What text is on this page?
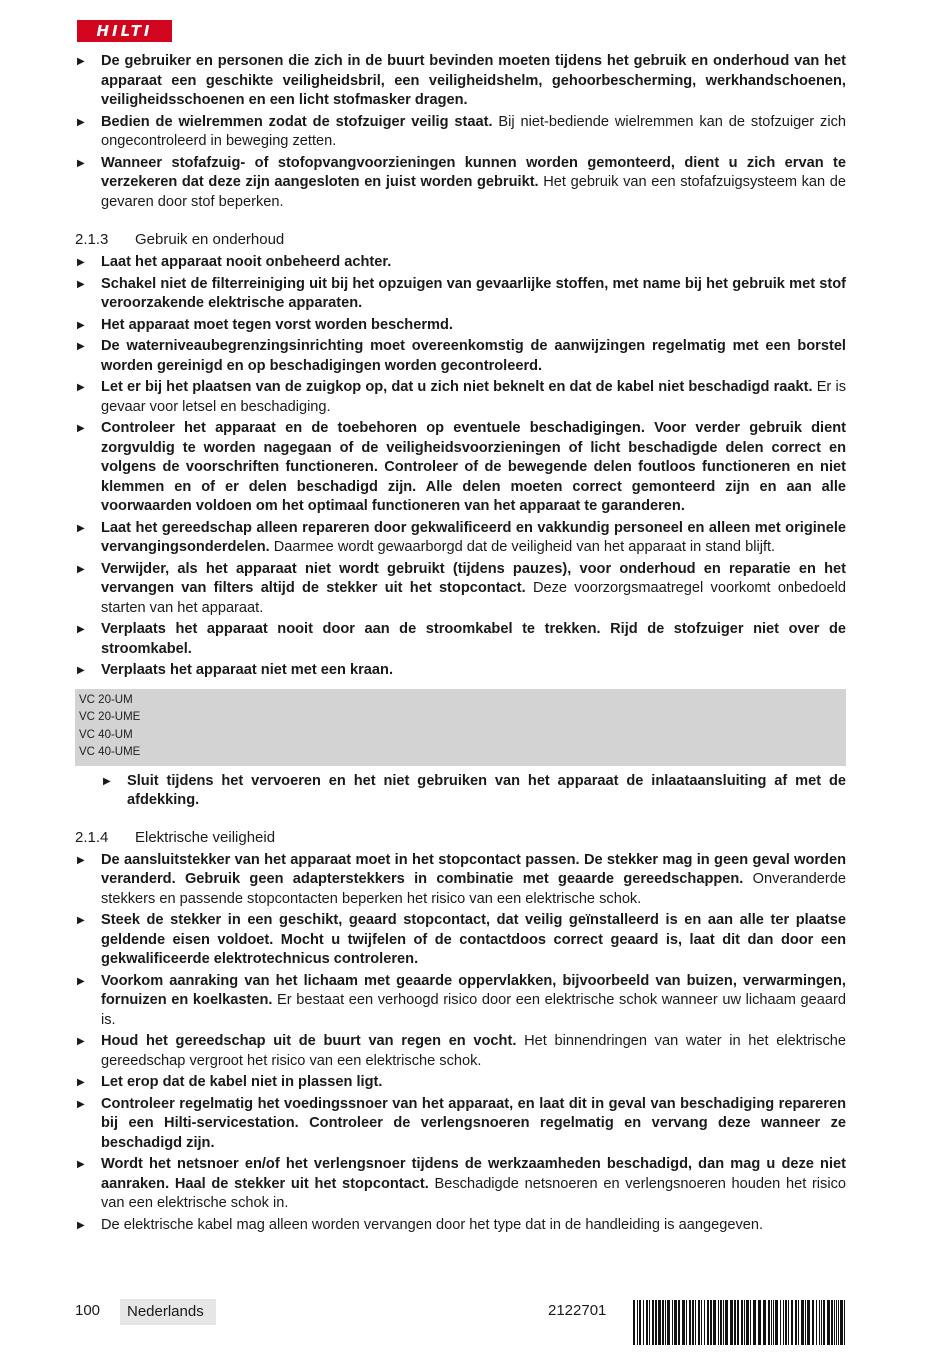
HILTI
▶ De gebruiker en personen die zich in de buurt bevinden moeten tijdens het gebruik en onderhoud van het apparaat een geschikte veiligheidsbril, een veiligheidshelm, gehoorbescherming, werkhandschoenen, veiligheidsschoenen en een licht stofmasker dragen.
▶ Bedien de wielremmen zodat de stofzuiger veilig staat. Bij niet-bediende wielremmen kan de stofzuiger zich ongecontroleerd in beweging zetten.
▶ Wanneer stofafzuig- of stofopvangvoorzieningen kunnen worden gemonteerd, dient u zich ervan te verzekeren dat deze zijn aangesloten en juist worden gebruikt. Het gebruik van een stofafzuigsysteem kan de gevaren door stof beperken.
2.1.3 Gebruik en onderhoud
▶ Laat het apparaat nooit onbeheerd achter.
▶ Schakel niet de filterreiniging uit bij het opzuigen van gevaarlijke stoffen, met name bij het gebruik met stof veroorzakende elektrische apparaten.
▶ Het apparaat moet tegen vorst worden beschermd.
▶ De waterniveaubegrenzingsinrichting moet overeenkomstig de aanwijzingen regelmatig met een borstel worden gereinigd en op beschadigingen worden gecontroleerd.
▶ Let er bij het plaatsen van de zuigkop op, dat u zich niet beknelt en dat de kabel niet beschadigd raakt. Er is gevaar voor letsel en beschadiging.
▶ Controleer het apparaat en de toebehoren op eventuele beschadigingen. Voor verder gebruik dient zorgvuldig te worden nagegaan of de veiligheidsvoorzieningen of licht beschadigde delen correct en volgens de voorschriften functioneren. Controleer of de bewegende delen foutloos functioneren en niet klemmen en of er delen beschadigd zijn. Alle delen moeten correct gemonteerd zijn en aan alle voorwaarden voldoen om het optimaal functioneren van het apparaat te garanderen.
▶ Laat het gereedschap alleen repareren door gekwalificeerd en vakkundig personeel en alleen met originele vervangingsonderdelen. Daarmee wordt gewaarborgd dat de veiligheid van het apparaat in stand blijft.
▶ Verwijder, als het apparaat niet wordt gebruikt (tijdens pauzes), voor onderhoud en reparatie en het vervangen van filters altijd de stekker uit het stopcontact. Deze voorzorgsmaatregel voorkomt onbedoeld starten van het apparaat.
▶ Verplaats het apparaat nooit door aan de stroomkabel te trekken. Rijd de stofzuiger niet over de stroomkabel.
▶ Verplaats het apparaat niet met een kraan.
VC 20-UM
VC 20-UME
VC 40-UM
VC 40-UME
▶ Sluit tijdens het vervoeren en het niet gebruiken van het apparaat de inlaataansluiting af met de afdekking.
2.1.4 Elektrische veiligheid
▶ De aansluitstekker van het apparaat moet in het stopcontact passen. De stekker mag in geen geval worden veranderd. Gebruik geen adapterstekkers in combinatie met geaarde gereedschappen. Onveranderde stekkers en passende stopcontacten beperken het risico van een elektrische schok.
▶ Steek de stekker in een geschikt, geaard stopcontact, dat veilig geïnstalleerd is en aan alle ter plaatse geldende eisen voldoet. Mocht u twijfelen of de contactdoos correct geaard is, laat dit dan door een gekwalificeerde elektrotechnicus controleren.
▶ Voorkom aanraking van het lichaam met geaarde oppervlakken, bijvoorbeeld van buizen, verwarmingen, fornuizen en koelkasten. Er bestaat een verhoogd risico door een elektrische schok wanneer uw lichaam geaard is.
▶ Houd het gereedschap uit de buurt van regen en vocht. Het binnendringen van water in het elektrische gereedschap vergroot het risico van een elektrische schok.
▶ Let erop dat de kabel niet in plassen ligt.
▶ Controleer regelmatig het voedingssnoer van het apparaat, en laat dit in geval van beschadiging repareren bij een Hilti-servicestation. Controleer de verlengsnoeren regelmatig en vervang deze wanneer ze beschadigd zijn.
▶ Wordt het netsnoer en/of het verlengsnoer tijdens de werkzaamheden beschadigd, dan mag u deze niet aanraken. Haal de stekker uit het stopcontact. Beschadigde netsnoeren en verlengsnoeren houden het risico van een elektrische schok in.
▶ De elektrische kabel mag alleen worden vervangen door het type dat in de handleiding is aangegeven.
100	Nederlands	2122701
